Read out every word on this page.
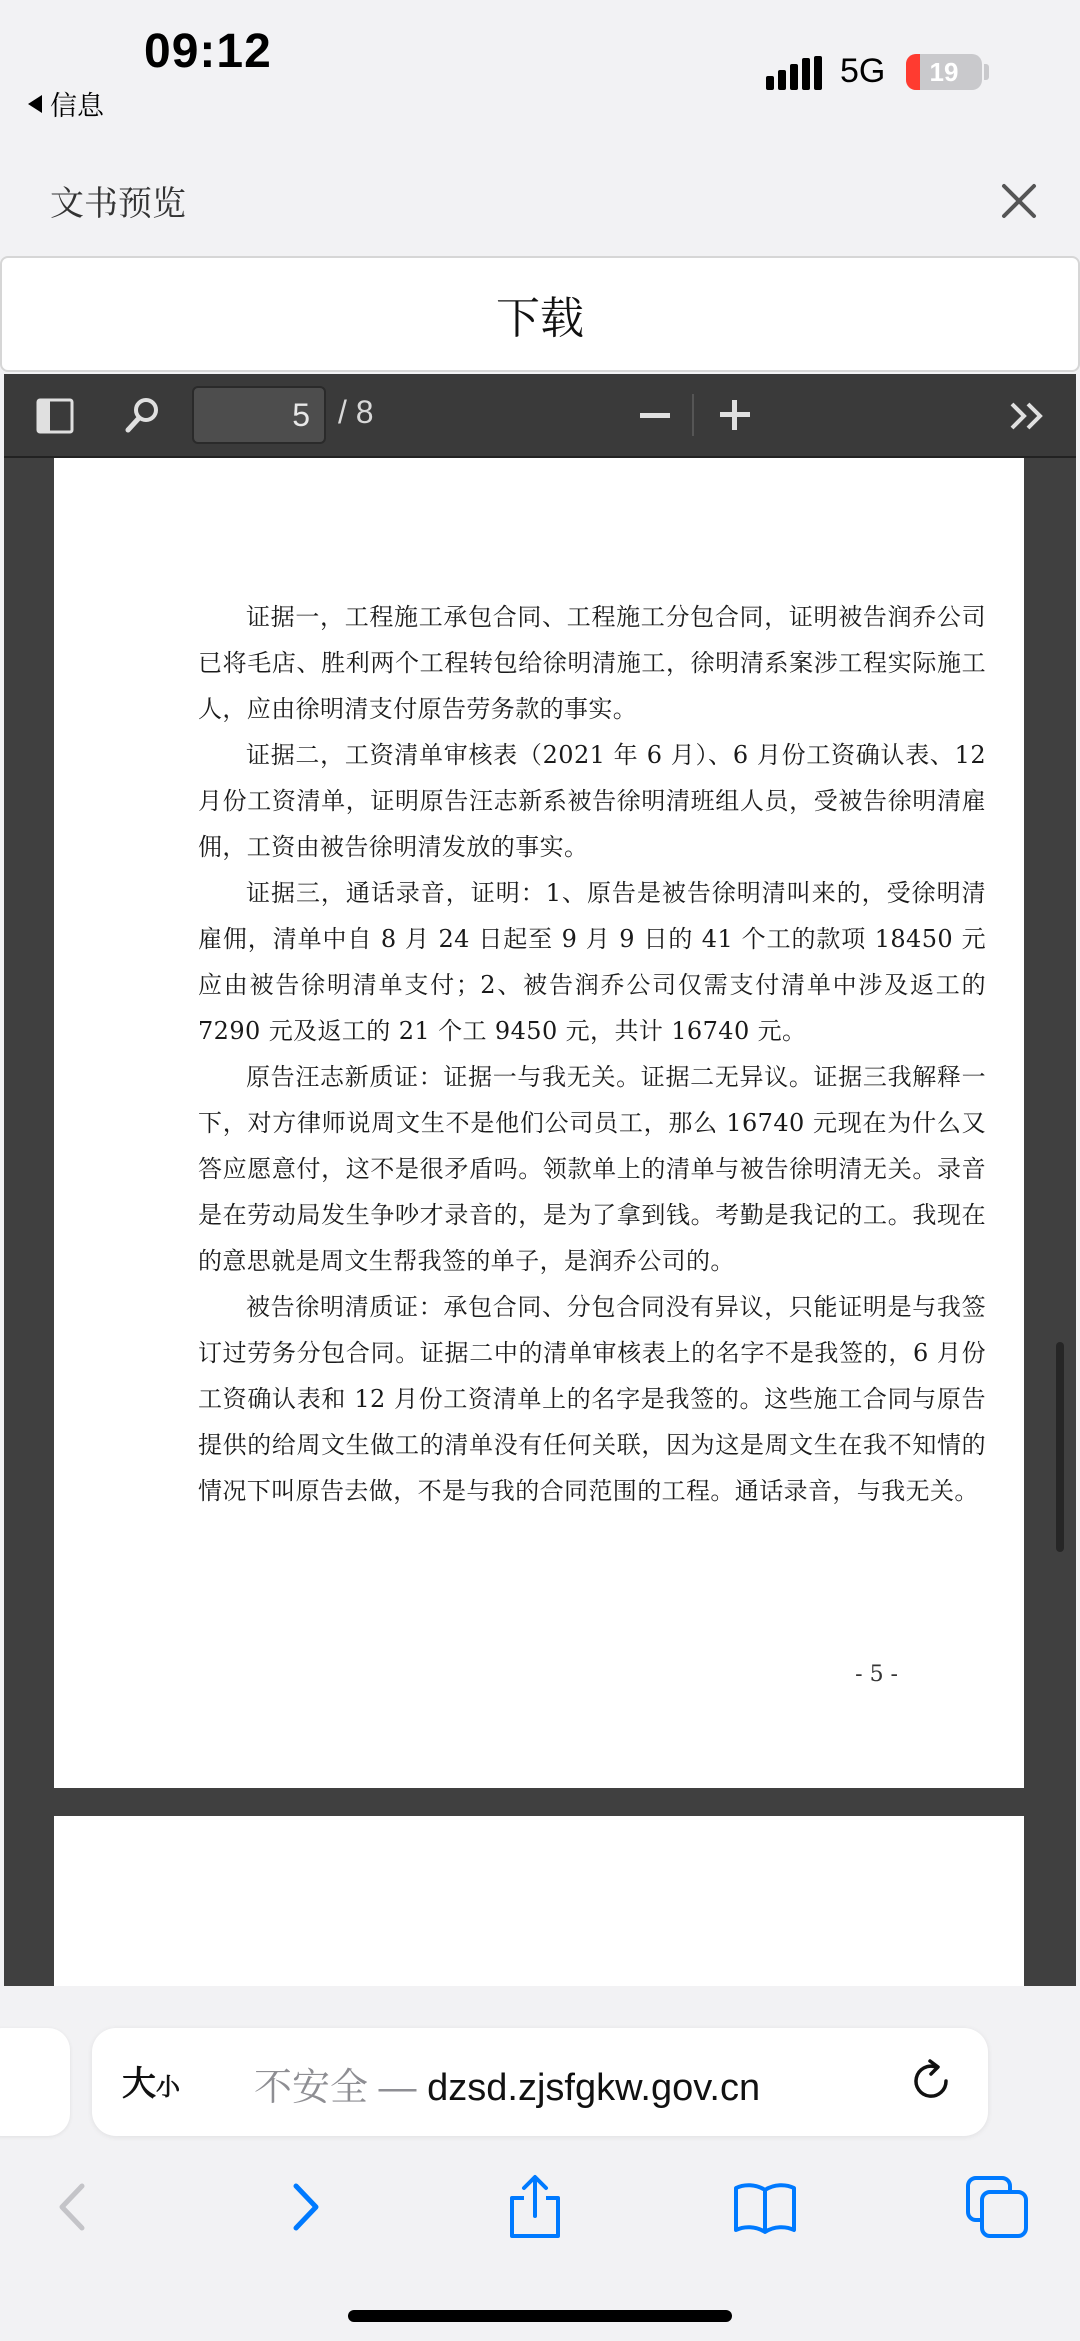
09:12
信息
5G	19
文书预览
下载
5
/ 8

证据一，工程施工承包合同、工程施工分包合同，证明被告润乔公司已将毛店、胜利两个工程转包给徐明清施工，徐明清系案涉工程实际施工人，应由徐明清支付原告劳务款的事实。

证据二，工资清单审核表（2021 年 6 月）、6 月份工资确认表、12 月份工资清单，证明原告汪志新系被告徐明清班组人员，受被告徐明清雇佣，工资由被告徐明清发放的事实。

证据三，通话录音，证明：1、原告是被告徐明清叫来的，受徐明清雇佣，清单中自 8 月 24 日起至 9 月 9 日的 41 个工的款项 18450 元应由被告徐明清单支付；2、被告润乔公司仅需支付清单中涉及返工的 7290 元及返工的 21 个工 9450 元，共计 16740 元。

原告汪志新质证：证据一与我无关。证据二无异议。证据三我解释一下，对方律师说周文生不是他们公司员工，那么 16740 元现在为什么又答应愿意付，这不是很矛盾吗。领款单上的清单与被告徐明清无关。录音是在劳动局发生争吵才录音的，是为了拿到钱。考勤是我记的工。我现在的意思就是周文生帮我签的单子，是润乔公司的。

被告徐明清质证：承包合同、分包合同没有异议，只能证明是与我签订过劳务分包合同。证据二中的清单审核表上的名字不是我签的，6 月份工资确认表和 12 月份工资清单上的名字是我签的。这些施工合同与原告提供的给周文生做工的清单没有任何关联，因为这是周文生在我不知情的情况下叫原告去做，不是与我的合同范围的工程。通话录音，与我无关。

- 5 -
大小 不安全 — dzsd.zjsfgkw.gov.cn
